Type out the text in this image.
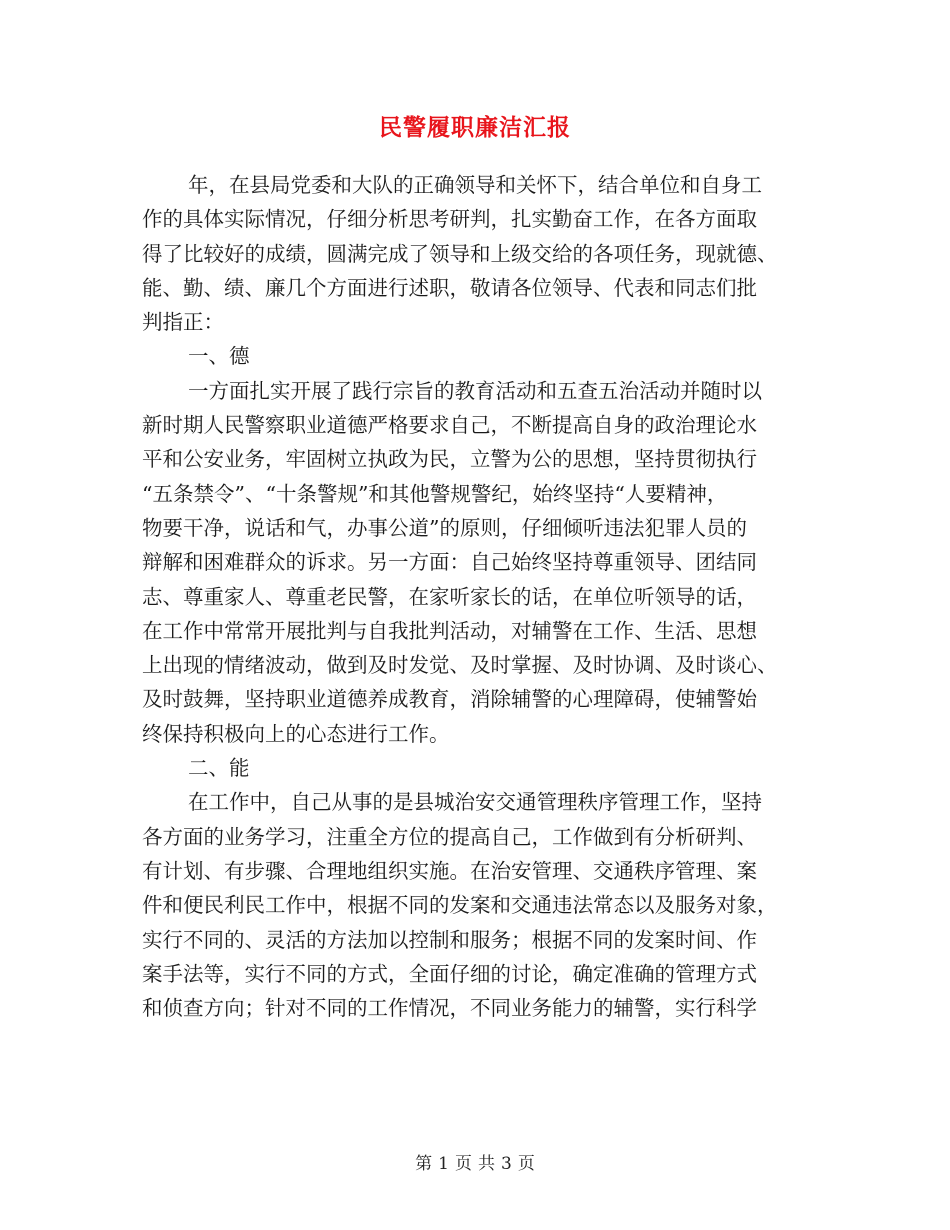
民警履职廉洁汇报
年，在县局党委和大队的正确领导和关怀下，结合单位和自身工
作的具体实际情况，仔细分析思考研判，扎实勤奋工作，在各方面取
得了比较好的成绩，圆满完成了领导和上级交给的各项任务，现就德、
能、勤、绩、廉几个方面进行述职，敬请各位领导、代表和同志们批
判指正：
一、德
一方面扎实开展了践行宗旨的教育活动和五查五治活动并随时以
新时期人民警察职业道德严格要求自己，不断提高自身的政治理论水
平和公安业务，牢固树立执政为民，立警为公的思想，坚持贯彻执行
“五条禁令”、“十条警规”和其他警规警纪，始终坚持“人要精神，
物要干净，说话和气，办事公道”的原则，仔细倾听违法犯罪人员的
辩解和困难群众的诉求。另一方面：自己始终坚持尊重领导、团结同
志、尊重家人、尊重老民警，在家听家长的话，在单位听领导的话，
在工作中常常开展批判与自我批判活动，对辅警在工作、生活、思想
上出现的情绪波动，做到及时发觉、及时掌握、及时协调、及时谈心、
及时鼓舞，坚持职业道德养成教育，消除辅警的心理障碍，使辅警始
终保持积极向上的心态进行工作。
二、能
在工作中，自己从事的是县城治安交通管理秩序管理工作，坚持
各方面的业务学习，注重全方位的提高自己，工作做到有分析研判、
有计划、有步骤、合理地组织实施。在治安管理、交通秩序管理、案
件和便民利民工作中，根据不同的发案和交通违法常态以及服务对象，
实行不同的、灵活的方法加以控制和服务；根据不同的发案时间、作
案手法等，实行不同的方式，全面仔细的讨论，确定准确的管理方式
和侦查方向；针对不同的工作情况，不同业务能力的辅警，实行科学
第 1 页 共 3 页
